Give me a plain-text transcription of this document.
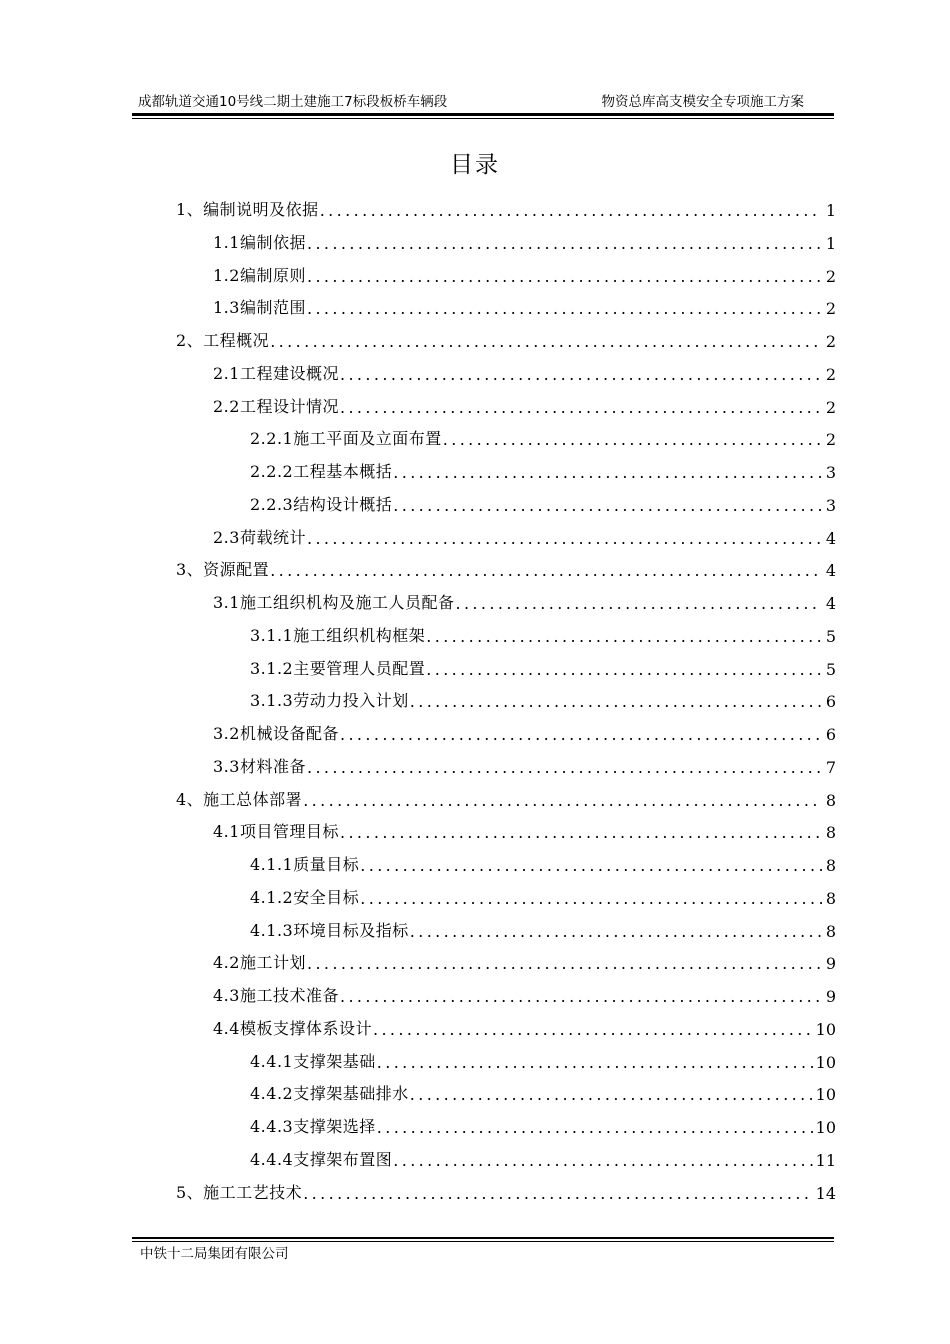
成都轨道交通10号线二期土建施工7标段板桥车辆段	物资总库高支模安全专项施工方案
目录
1、编制说明及依据 .....	1
1.1编制依据 .....	1
1.2编制原则 .....	2
1.3编制范围 .....	2
2、工程概况 .....	2
2.1工程建设概况 .....	2
2.2工程设计情况 .....	2
2.2.1施工平面及立面布置 .....	2
2.2.2工程基本概括 .....	3
2.2.3结构设计概括 .....	3
2.3荷载统计 .....	4
3、资源配置 .....	4
3.1施工组织机构及施工人员配备 .....	4
3.1.1施工组织机构框架 .....	5
3.1.2主要管理人员配置 .....	5
3.1.3劳动力投入计划 .....	6
3.2机械设备配备 .....	6
3.3材料准备 .....	7
4、施工总体部署 .....	8
4.1项目管理目标 .....	8
4.1.1质量目标 .....	8
4.1.2安全目标 .....	8
4.1.3环境目标及指标 .....	8
4.2施工计划 .....	9
4.3施工技术准备 .....	9
4.4模板支撑体系设计 .....	10
4.4.1支撑架基础 .....	10
4.4.2支撑架基础排水 .....	10
4.4.3支撑架选择 .....	10
4.4.4支撑架布置图 .....	11
5、施工工艺技术 .....	14
中铁十二局集团有限公司
